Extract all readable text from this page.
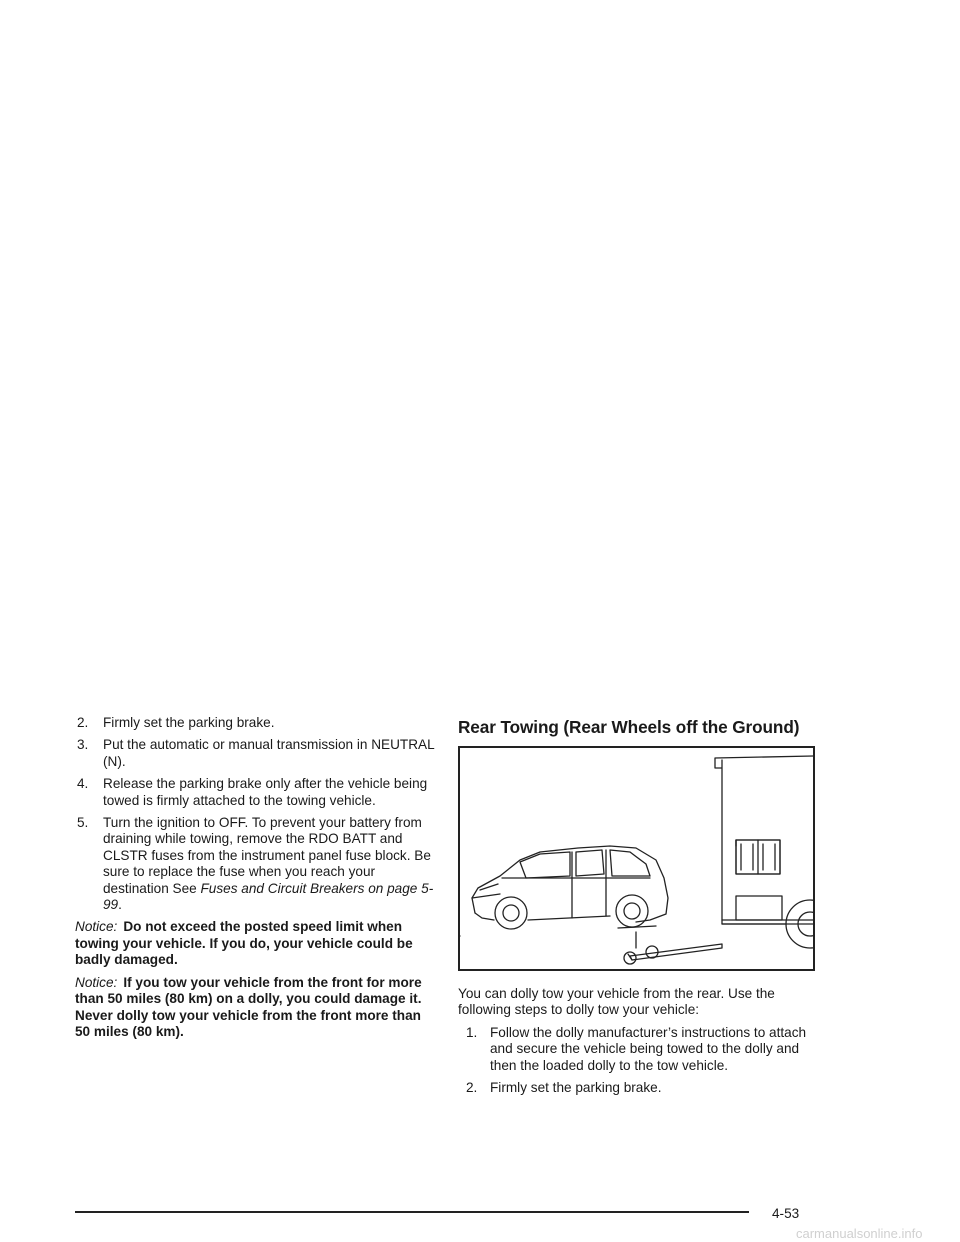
2.	Firmly set the parking brake.
3.	Put the automatic or manual transmission in NEUTRAL (N).
4.	Release the parking brake only after the vehicle being towed is firmly attached to the towing vehicle.
5.	Turn the ignition to OFF. To prevent your battery from draining while towing, remove the RDO BATT and CLSTR fuses from the instrument panel fuse block. Be sure to replace the fuse when you reach your destination See Fuses and Circuit Breakers on page 5-99.
Notice: Do not exceed the posted speed limit when towing your vehicle. If you do, your vehicle could be badly damaged.
Notice: If you tow your vehicle from the front for more than 50 miles (80 km) on a dolly, you could damage it. Never dolly tow your vehicle from the front more than 50 miles (80 km).
Rear Towing (Rear Wheels off the Ground)
You can dolly tow your vehicle from the rear. Use the following steps to dolly tow your vehicle:
1. Follow the dolly manufacturer’s instructions to attach and secure the vehicle being towed to the dolly and then the loaded dolly to the tow vehicle.
2. Firmly set the parking brake.
4-53
carmanualsonline.info
